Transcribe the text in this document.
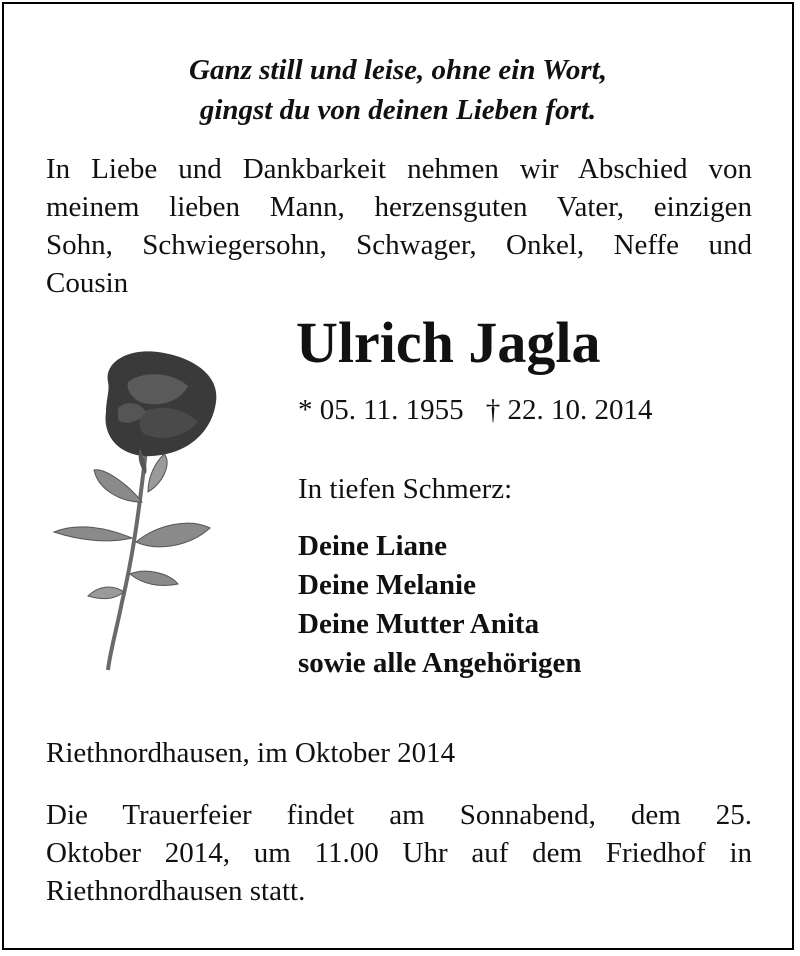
Ganz still und leise, ohne ein Wort,
gingst du von deinen Lieben fort.
In Liebe und Dankbarkeit nehmen wir Abschied von
meinem lieben Mann, herzensguten Vater, einzigen
Sohn, Schwiegersohn, Schwager, Onkel, Neffe und
Cousin
Ulrich Jagla
* 05. 11. 1955 † 22. 10. 2014
In tiefen Schmerz:
Deine Liane
Deine Melanie
Deine Mutter Anita
sowie alle Angehörigen
Riethnordhausen, im Oktober 2014
Die Trauerfeier findet am Sonnabend, dem 25.
Oktober 2014, um 11.00 Uhr auf dem Friedhof in
Riethnordhausen statt.
